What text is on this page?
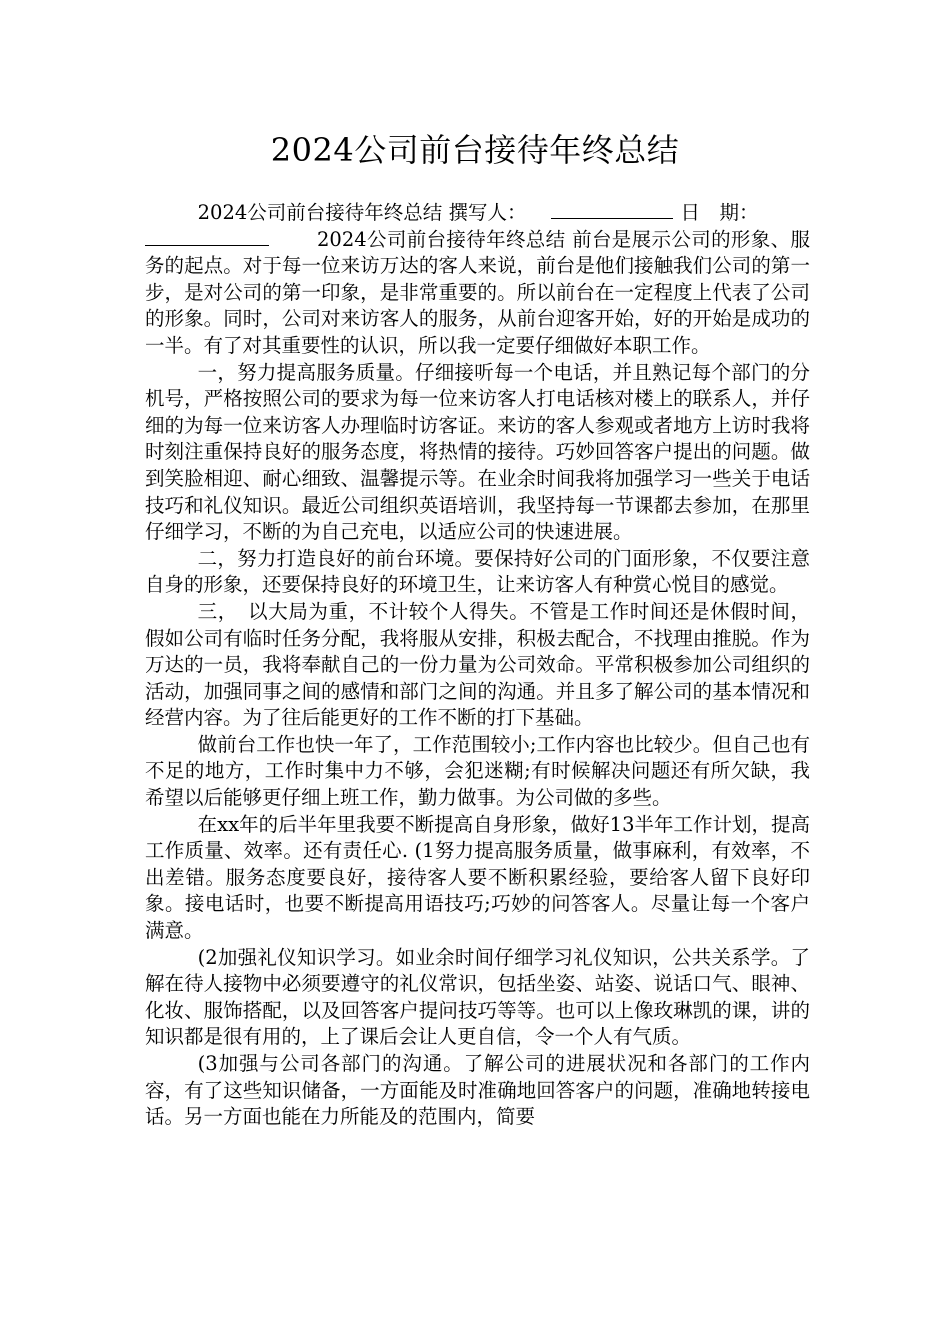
2024公司前台接待年终总结

2024公司前台接待年终总结 撰写人：	日　期：
2024公司前台接待年终总结 前台是展示公司的形象、服务的起点。对于每一位来访万达的客人来说，前台是他们接触我们公司的第一步，是对公司的第一印象，是非常重要的。所以前台在一定程度上代表了公司的形象。同时，公司对来访客人的服务，从前台迎客开始，好的开始是成功的一半。有了对其重要性的认识，所以我一定要仔细做好本职工作。

一，努力提高服务质量。仔细接听每一个电话，并且熟记每个部门的分机号，严格按照公司的要求为每一位来访客人打电话核对楼上的联系人，并仔细的为每一位来访客人办理临时访客证。来访的客人参观或者地方上访时我将时刻注重保持良好的服务态度，将热情的接待。巧妙回答客户提出的问题。做到笑脸相迎、耐心细致、温馨提示等。在业余时间我将加强学习一些关于电话技巧和礼仪知识。最近公司组织英语培训，我坚持每一节课都去参加，在那里仔细学习，不断的为自己充电，以适应公司的快速进展。

二，努力打造良好的前台环境。要保持好公司的门面形象，不仅要注意自身的形象，还要保持良好的环境卫生，让来访客人有种赏心悦目的感觉。

三，　以大局为重，不计较个人得失。不管是工作时间还是休假时间，假如公司有临时任务分配，我将服从安排，积极去配合，不找理由推脱。作为万达的一员，我将奉献自己的一份力量为公司效命。平常积极参加公司组织的活动，加强同事之间的感情和部门之间的沟通。并且多了解公司的基本情况和经营内容。为了往后能更好的工作不断的打下基础。

做前台工作也快一年了，工作范围较小;工作内容也比较少。但自己也有不足的地方，工作时集中力不够，会犯迷糊;有时候解决问题还有所欠缺，我希望以后能够更仔细上班工作，勤力做事。为公司做的多些。

在xx年的后半年里我要不断提高自身形象，做好13半年工作计划，提高工作质量、效率。还有责任心. (1努力提高服务质量，做事麻利，有效率，不出差错。服务态度要良好，接待客人要不断积累经验，要给客人留下良好印象。接电话时，也要不断提高用语技巧;巧妙的问答客人。尽量让每一个客户满意。

(2加强礼仪知识学习。如业余时间仔细学习礼仪知识，公共关系学。了解在待人接物中必须要遵守的礼仪常识，包括坐姿、站姿、说话口气、眼神、化妆、服饰搭配，以及回答客户提问技巧等等。也可以上像玫琳凯的课，讲的知识都是很有用的，上了课后会让人更自信，令一个人有气质。

(3加强与公司各部门的沟通。了解公司的进展状况和各部门的工作内容，有了这些知识储备，一方面能及时准确地回答客户的问题，准确地转接电话。另一方面也能在力所能及的范围内，简要
